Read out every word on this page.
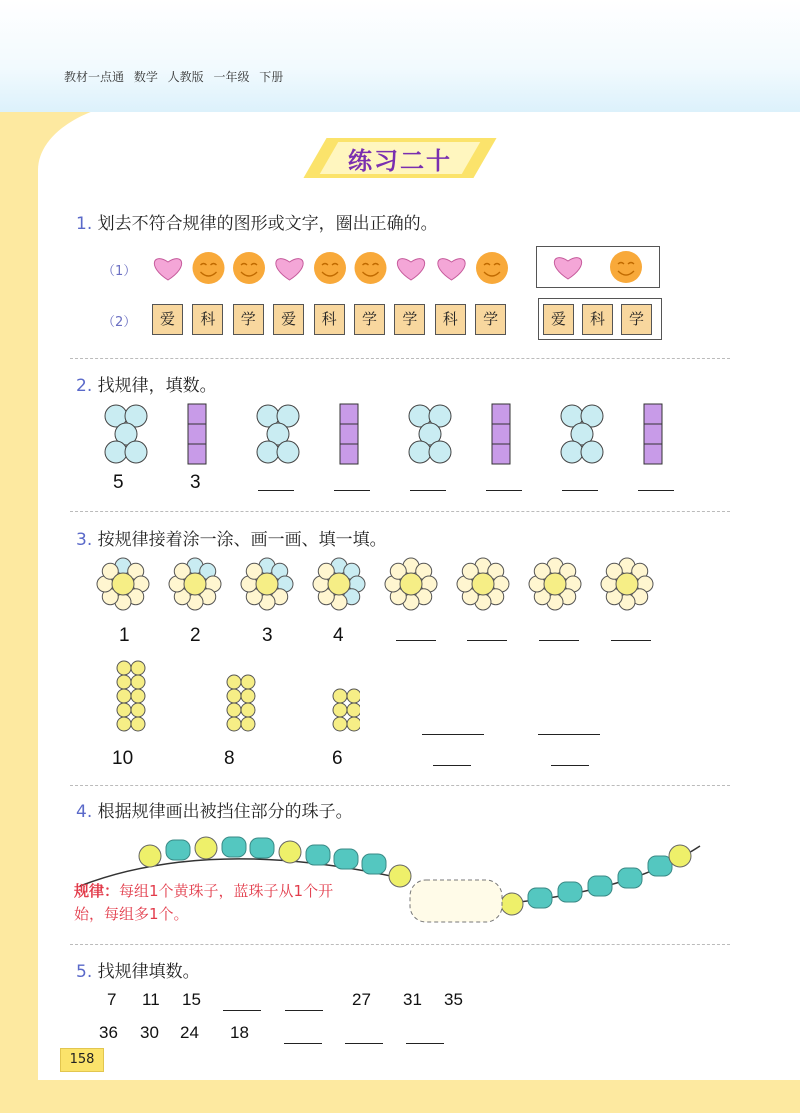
教材一点通 数学 人教版 一年级 下册
练习二十
1. 划去不符合规律的图形或文字，圈出正确的。
（1）
（2）	爱	科	学	爱	科	学	学	科	学	爱	科	学
2. 找规律，填数。
5	3
3. 按规律接着涂一涂、画一画、填一填。
1	2	3	4
10	8	6
4. 根据规律画出被挡住部分的珠子。
规律：每组1个黄珠子，蓝珠子从1个开始，每组多1个。
5. 找规律填数。
7 11 15	27 31 35
36 30 24 18
158
